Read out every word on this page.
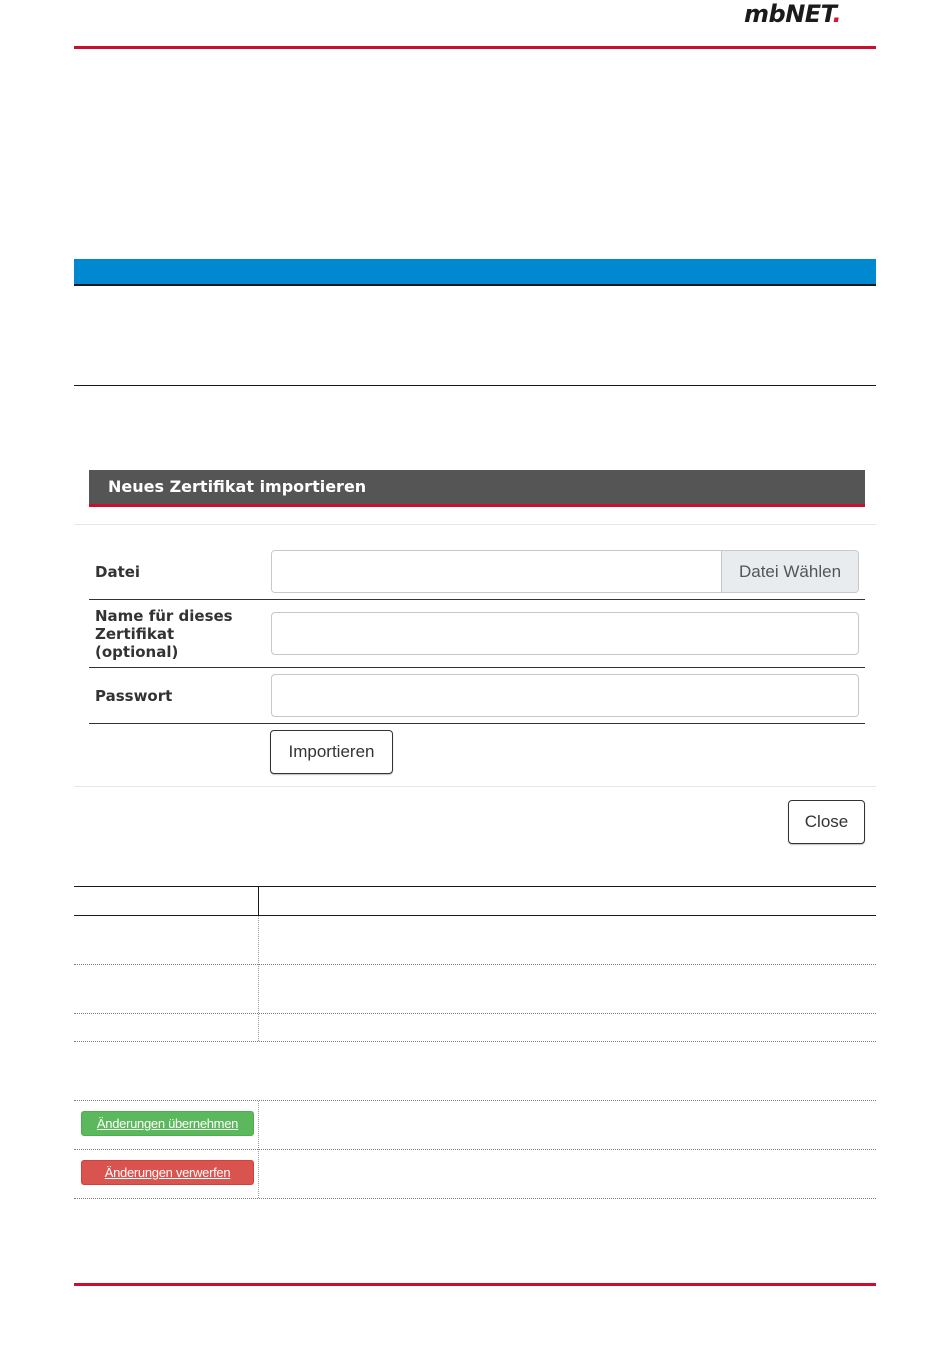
mbNET.
Neues Zertifikat importieren
Datei	Datei Wählen
Name für dieses
Zertifikat
(optional)
Passwort
Importieren
Close
Änderungen übernehmen
Änderungen verwerfen
